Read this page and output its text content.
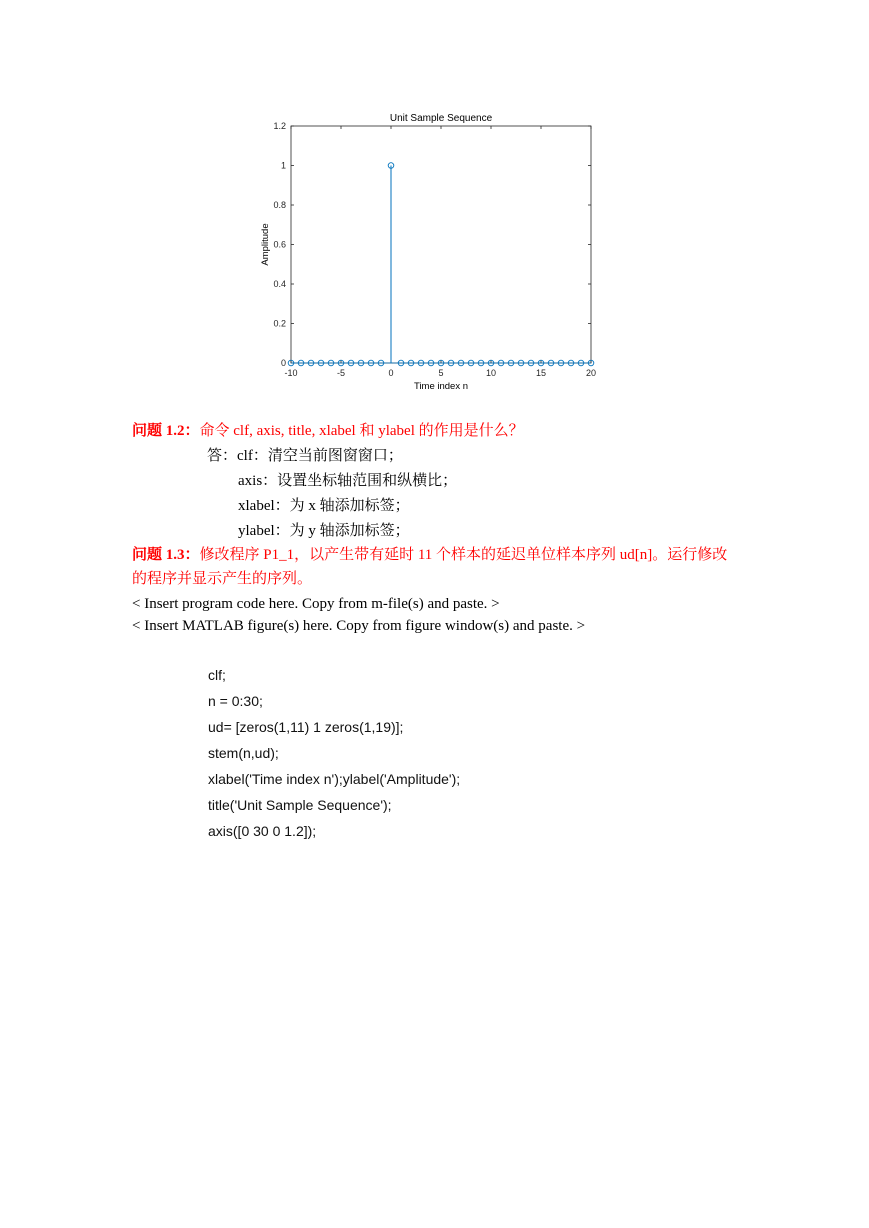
-10	-5	0	5	10	15	20
0
0.2
0.4
0.6
0.8
1
1.2
Unit Sample Sequence
Time index n
Amplitude
问题 1.2：命令 clf, axis, title, xlabel 和 ylabel 的作用是什么？
答：clf：清空当前图窗窗口；
axis：设置坐标轴范围和纵横比；
xlabel：为 x 轴添加标签；
ylabel：为 y 轴添加标签；
问题 1.3：修改程序 P1_1，以产生带有延时 11 个样本的延迟单位样本序列 ud[n]。运行修改
的程序并显示产生的序列。
< Insert program code here. Copy from m-file(s) and paste. >
< Insert MATLAB figure(s) here. Copy from figure window(s) and paste. >
clf;
n = 0:30;
ud= [zeros(1,11) 1 zeros(1,19)];
stem(n,ud);
xlabel('Time index n');ylabel('Amplitude');
title('Unit Sample Sequence');
axis([0 30 0 1.2]);
